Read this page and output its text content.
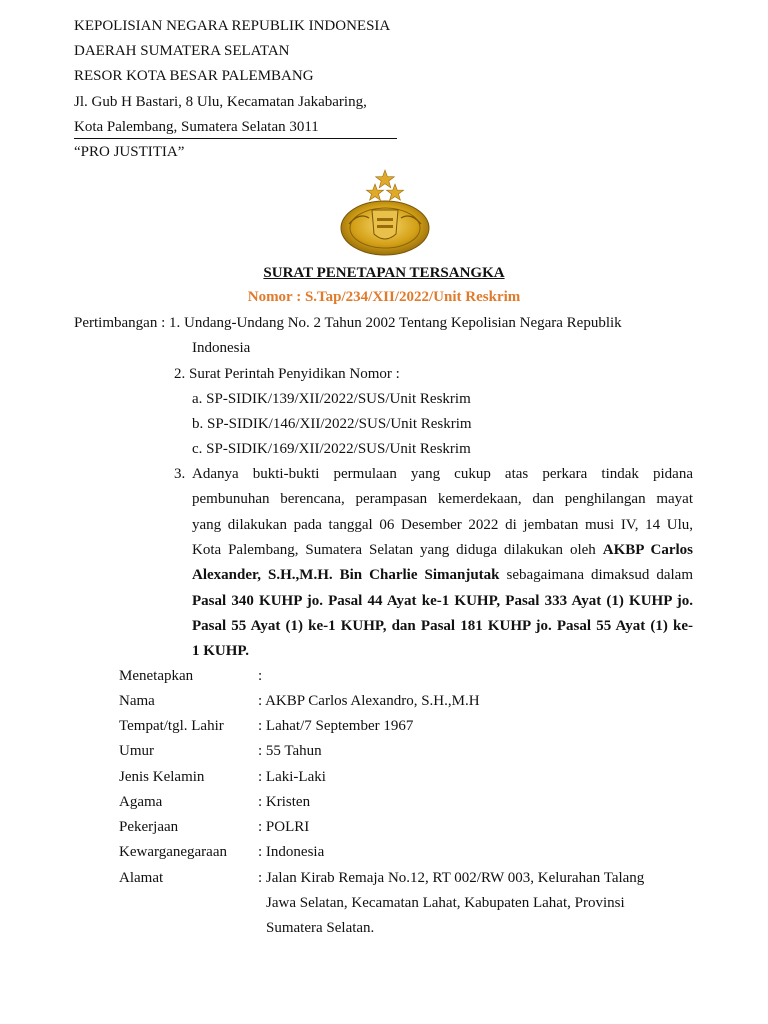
KEPOLISIAN NEGARA REPUBLIK INDONESIA
DAERAH SUMATERA SELATAN
RESOR KOTA BESAR PALEMBANG
Jl. Gub H Bastari, 8 Ulu, Kecamatan Jakabaring,
Kota Palembang, Sumatera Selatan 3011
“PRO JUSTITIA”
SURAT PENETAPAN TERSANGKA
Nomor : S.Tap/234/XII/2022/Unit Reskrim
Pertimbangan : 1. Undang-Undang No. 2 Tahun 2002 Tentang Kepolisian Negara Republik
Indonesia
2. Surat Perintah Penyidikan Nomor :
a. SP-SIDIK/139/XII/2022/SUS/Unit Reskrim
b. SP-SIDIK/146/XII/2022/SUS/Unit Reskrim
c. SP-SIDIK/169/XII/2022/SUS/Unit Reskrim
3. Adanya bukti-bukti permulaan yang cukup atas perkara tindak pidana
pembunuhan berencana, perampasan kemerdekaan, dan penghilangan mayat
yang dilakukan pada tanggal 06 Desember 2022 di jembatan musi IV, 14 Ulu,
Kota Palembang, Sumatera Selatan yang diduga dilakukan oleh AKBP Carlos
Alexander, S.H.,M.H. Bin Charlie Simanjutak sebagaimana dimaksud dalam
Pasal 340 KUHP jo. Pasal 44 Ayat ke-1 KUHP, Pasal 333 Ayat (1) KUHP jo.
Pasal 55 Ayat (1) ke-1 KUHP, dan Pasal 181 KUHP jo. Pasal 55 Ayat (1) ke-
1 KUHP.
Menetapkan	:
Nama	: AKBP Carlos Alexandro, S.H.,M.H
Tempat/tgl. Lahir : Lahat/7 September 1967
Umur	: 55 Tahun
Jenis Kelamin	: Laki-Laki
Agama	: Kristen
Pekerjaan	: POLRI
Kewarganegaraan : Indonesia
Alamat	: Jalan Kirab Remaja No.12, RT 002/RW 003, Kelurahan Talang
Jawa Selatan, Kecamatan Lahat, Kabupaten Lahat, Provinsi
Sumatera Selatan.
